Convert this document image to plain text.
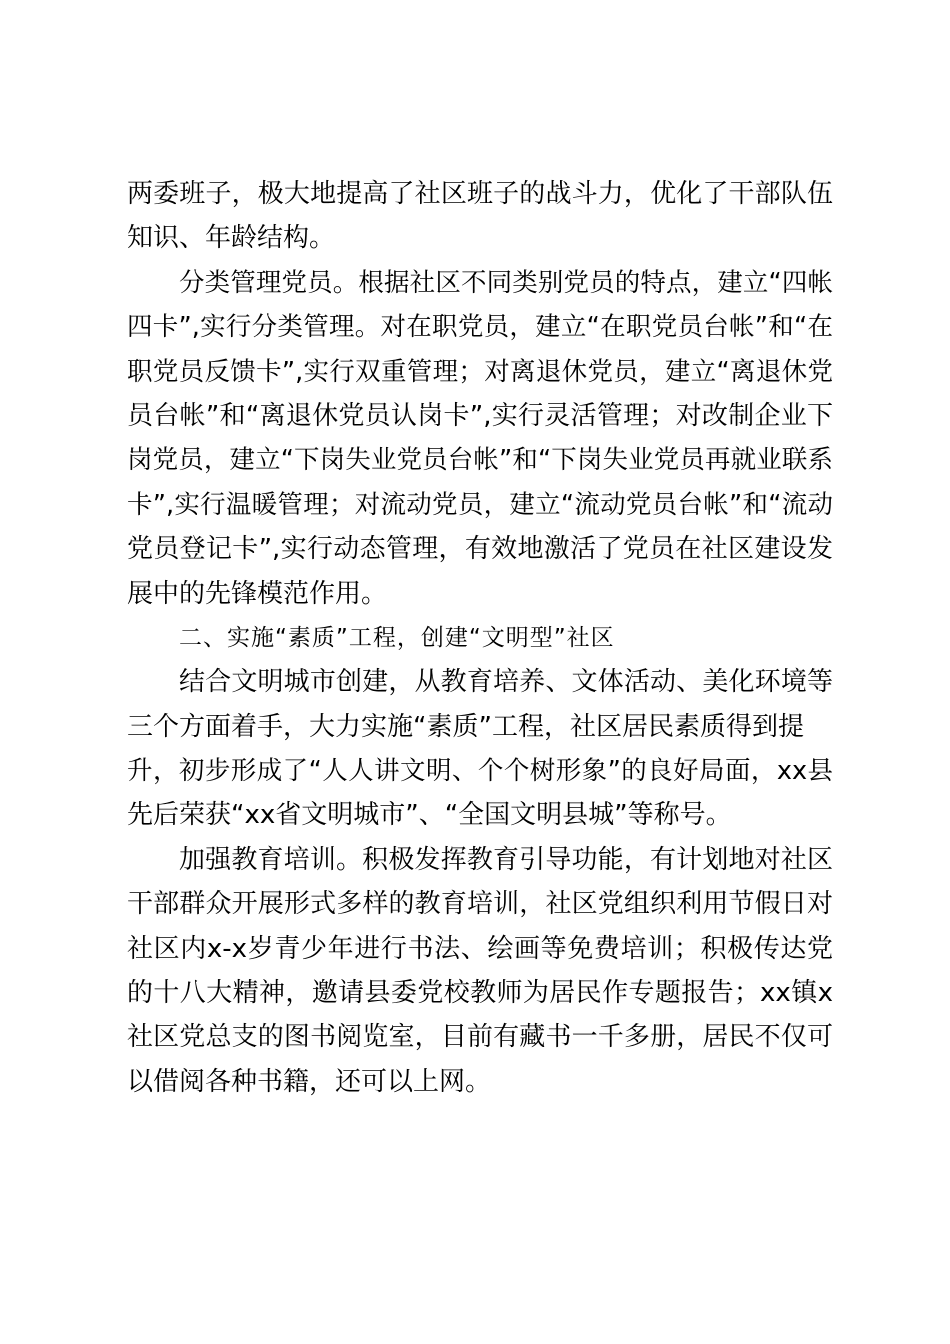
两委班子，极大地提高了社区班子的战斗力，优化了干部队伍
知识、年龄结构。
分类管理党员。根据社区不同类别党员的特点，建立“四帐
四卡”,实行分类管理。对在职党员，建立“在职党员台帐”和“在
职党员反馈卡”,实行双重管理；对离退休党员，建立“离退休党
员台帐”和“离退休党员认岗卡”,实行灵活管理；对改制企业下
岗党员，建立“下岗失业党员台帐”和“下岗失业党员再就业联系
卡”,实行温暖管理；对流动党员，建立“流动党员台帐”和“流动
党员登记卡”,实行动态管理，有效地激活了党员在社区建设发
展中的先锋模范作用。
二、实施“素质”工程，创建“文明型”社区
结合文明城市创建，从教育培养、文体活动、美化环境等
三个方面着手，大力实施“素质”工程，社区居民素质得到提
升，初步形成了“人人讲文明、个个树形象”的良好局面，xx县
先后荣获“xx省文明城市”、“全国文明县城”等称号。
加强教育培训。积极发挥教育引导功能，有计划地对社区
干部群众开展形式多样的教育培训，社区党组织利用节假日对
社区内x-x岁青少年进行书法、绘画等免费培训；积极传达党
的十八大精神，邀请县委党校教师为居民作专题报告；xx镇x
社区党总支的图书阅览室，目前有藏书一千多册，居民不仅可
以借阅各种书籍，还可以上网。
